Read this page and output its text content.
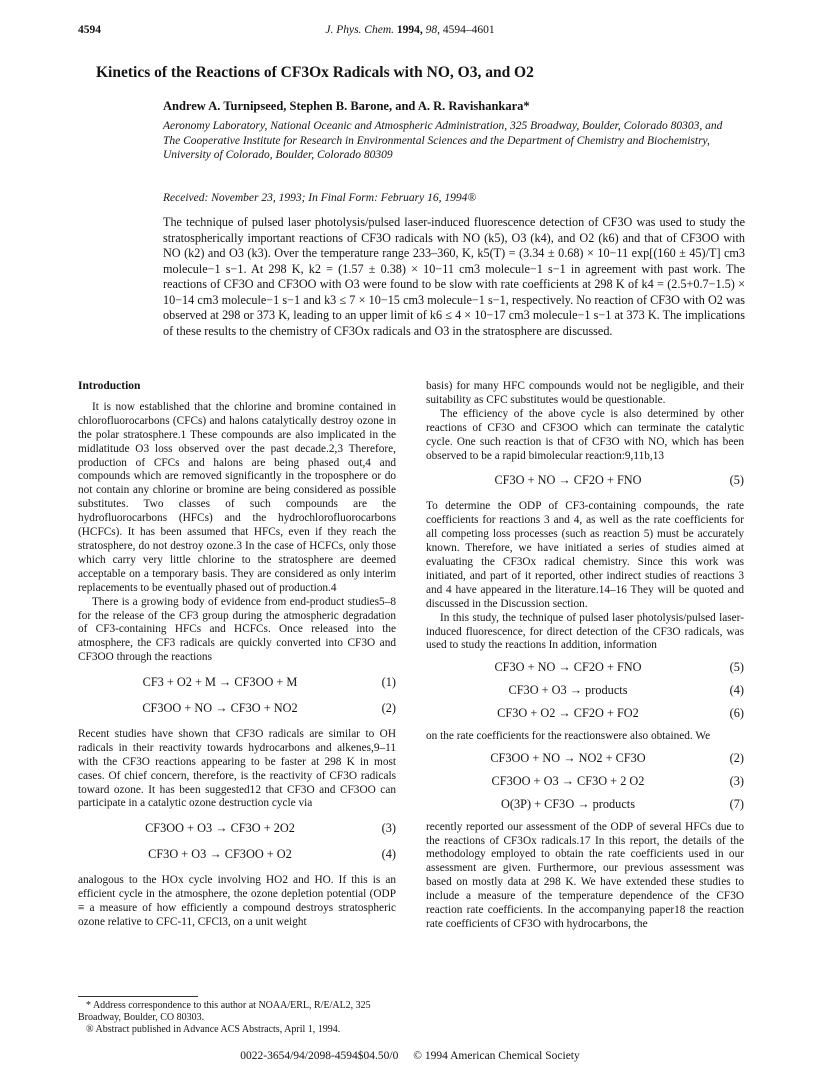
4594	J. Phys. Chem. 1994, 98, 4594–4601
Kinetics of the Reactions of CF3Ox Radicals with NO, O3, and O2
Andrew A. Turnipseed, Stephen B. Barone, and A. R. Ravishankara*
Aeronomy Laboratory, National Oceanic and Atmospheric Administration, 325 Broadway, Boulder, Colorado 80303, and The Cooperative Institute for Research in Environmental Sciences and the Department of Chemistry and Biochemistry, University of Colorado, Boulder, Colorado 80309
Received: November 23, 1993; In Final Form: February 16, 1994®
The technique of pulsed laser photolysis/pulsed laser-induced fluorescence detection of CF3O was used to study the stratospherically important reactions of CF3O radicals with NO (k5), O3 (k4), and O2 (k6) and that of CF3OO with NO (k2) and O3 (k3). Over the temperature range 233–360, K, k5(T) = (3.34 ± 0.68) × 10−11 exp[(160 ± 45)/T] cm3 molecule−1 s−1. At 298 K, k2 = (1.57 ± 0.38) × 10−11 cm3 molecule−1 s−1 in agreement with past work. The reactions of CF3O and CF3OO with O3 were found to be slow with rate coefficients at 298 K of k4 = (2.5+0.7−1.5) × 10−14 cm3 molecule−1 s−1 and k3 ≤ 7 × 10−15 cm3 molecule−1 s−1, respectively. No reaction of CF3O with O2 was observed at 298 or 373 K, leading to an upper limit of k6 ≤ 4 × 10−17 cm3 molecule−1 s−1 at 373 K. The implications of these results to the chemistry of CF3Ox radicals and O3 in the stratosphere are discussed.
Introduction

It is now established that the chlorine and bromine contained in chlorofluorocarbons (CFCs) and halons catalytically destroy ozone in the polar stratosphere.1 These compounds are also implicated in the midlatitude O3 loss observed over the past decade.2,3 Therefore, production of CFCs and halons are being phased out,4 and compounds which are removed significantly in the troposphere or do not contain any chlorine or bromine are being considered as possible substitutes. Two classes of such compounds are the hydrofluorocarbons (HFCs) and the hydrochlorofluorocarbons (HCFCs). It has been assumed that HFCs, even if they reach the stratosphere, do not destroy ozone.3 In the case of HCFCs, only those which carry very little chlorine to the stratosphere are deemed acceptable on a temporary basis. They are considered as only interim replacements to be eventually phased out of production.4

There is a growing body of evidence from end-product studies5–8 for the release of the CF3 group during the atmospheric degradation of CF3-containing HFCs and HCFCs. Once released into the atmosphere, the CF3 radicals are quickly converted into CF3O and CF3OO through the reactions

CF3 + O2 + M → CF3OO + M	(1)
CF3OO + NO → CF3O + NO2	(2)

Recent studies have shown that CF3O radicals are similar to OH radicals in their reactivity towards hydrocarbons and alkenes,9–11 with the CF3O reactions appearing to be faster at 298 K in most cases. Of chief concern, therefore, is the reactivity of CF3O radicals toward ozone. It has been suggested12 that CF3O and CF3OO can participate in a catalytic ozone destruction cycle via

CF3OO + O3 → CF3O + 2O2	(3)
CF3O + O3 → CF3OO + O2	(4)

analogous to the HOx cycle involving HO2 and HO. If this is an efficient cycle in the atmosphere, the ozone depletion potential (ODP ≡ a measure of how efficiently a compound destroys stratospheric ozone relative to CFC-11, CFCl3, on a unit weight

basis) for many HFC compounds would not be negligible, and their suitability as CFC substitutes would be questionable.

The efficiency of the above cycle is also determined by other reactions of CF3O and CF3OO which can terminate the catalytic cycle. One such reaction is that of CF3O with NO, which has been observed to be a rapid bimolecular reaction:9,11b,13

CF3O + NO → CF2O + FNO	(5)

To determine the ODP of CF3-containing compounds, the rate coefficients for reactions 3 and 4, as well as the rate coefficients for all competing loss processes (such as reaction 5) must be accurately known. Therefore, we have initiated a series of studies aimed at evaluating the CF3Ox radical chemistry. Since this work was initiated, and part of it reported, other indirect studies of reactions 3 and 4 have appeared in the literature.14–16 They will be quoted and discussed in the Discussion section.

In this study, the technique of pulsed laser photolysis/pulsed laser-induced fluorescence, for direct detection of the CF3O radicals, was used to study the reactions In addition, information

CF3O + NO → CF2O + FNO	(5)
CF3O + O3 → products	(4)
CF3O + O2 → CF2O + FO2	(6)

on the rate coefficients for the reactionswere also obtained. We

CF3OO + NO → NO2 + CF3O	(2)
CF3OO + O3 → CF3O + 2 O2	(3)
O(3P) + CF3O → products	(7)

recently reported our assessment of the ODP of several HFCs due to the reactions of CF3Ox radicals.17 In this report, the details of the methodology employed to obtain the rate coefficients used in our assessment are given. Furthermore, our previous assessment was based on mostly data at 298 K. We have extended these studies to include a measure of the temperature dependence of the CF3O reaction rate coefficients. In the accompanying paper18 the reaction rate coefficients of CF3O with hydrocarbons, the

* Address correspondence to this author at NOAA/ERL, R/E/AL2, 325 Broadway, Boulder, CO 80303.

® Abstract published in Advance ACS Abstracts, April 1, 1994.

0022-3654/94/2098-4594$04.50/0 © 1994 American Chemical Society
